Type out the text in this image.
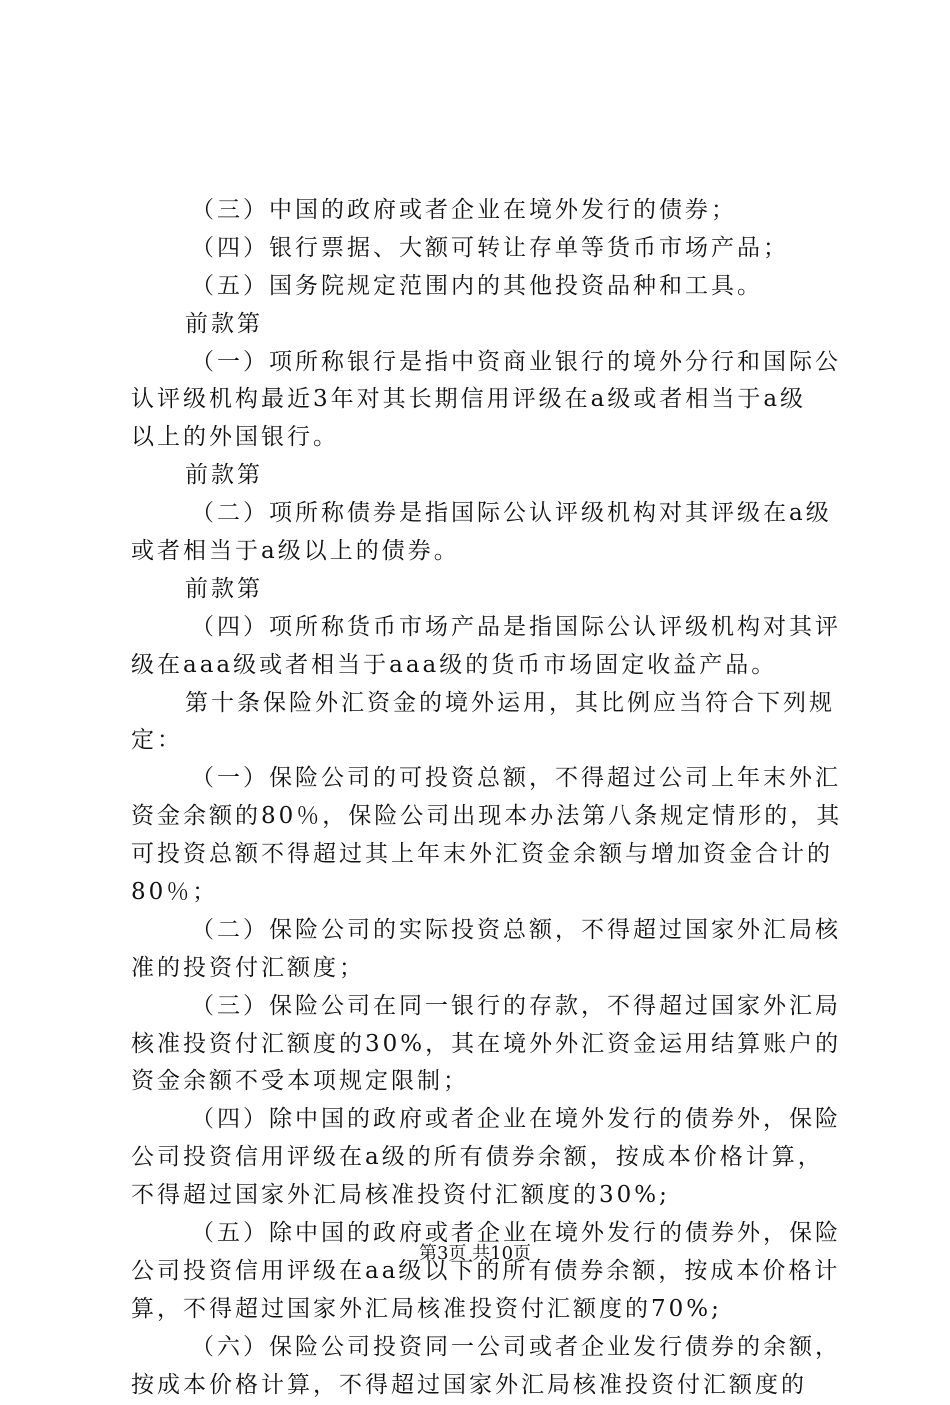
（三）中国的政府或者企业在境外发行的债券；
（四）银行票据、大额可转让存单等货币市场产品；
（五）国务院规定范围内的其他投资品种和工具。
前款第
（一）项所称银行是指中资商业银行的境外分行和国际公
认评级机构最近3年对其长期信用评级在a级或者相当于a级
以上的外国银行。
前款第
（二）项所称债券是指国际公认评级机构对其评级在a级
或者相当于a级以上的债券。
前款第
（四）项所称货币市场产品是指国际公认评级机构对其评
级在aaa级或者相当于aaa级的货币市场固定收益产品。
第十条保险外汇资金的境外运用，其比例应当符合下列规
定：
（一）保险公司的可投资总额，不得超过公司上年末外汇
资金余额的80％，保险公司出现本办法第八条规定情形的，其
可投资总额不得超过其上年末外汇资金余额与增加资金合计的
80％；
（二）保险公司的实际投资总额，不得超过国家外汇局核
准的投资付汇额度；
（三）保险公司在同一银行的存款，不得超过国家外汇局
核准投资付汇额度的30%，其在境外外汇资金运用结算账户的
资金余额不受本项规定限制；
（四）除中国的政府或者企业在境外发行的债券外，保险
公司投资信用评级在a级的所有债券余额，按成本价格计算，
不得超过国家外汇局核准投资付汇额度的30%;
（五）除中国的政府或者企业在境外发行的债券外，保险
公司投资信用评级在aa级以下的所有债券余额，按成本价格计
算，不得超过国家外汇局核准投资付汇额度的70%;
（六）保险公司投资同一公司或者企业发行债券的余额，
按成本价格计算，不得超过国家外汇局核准投资付汇额度的
第3页 共10页
